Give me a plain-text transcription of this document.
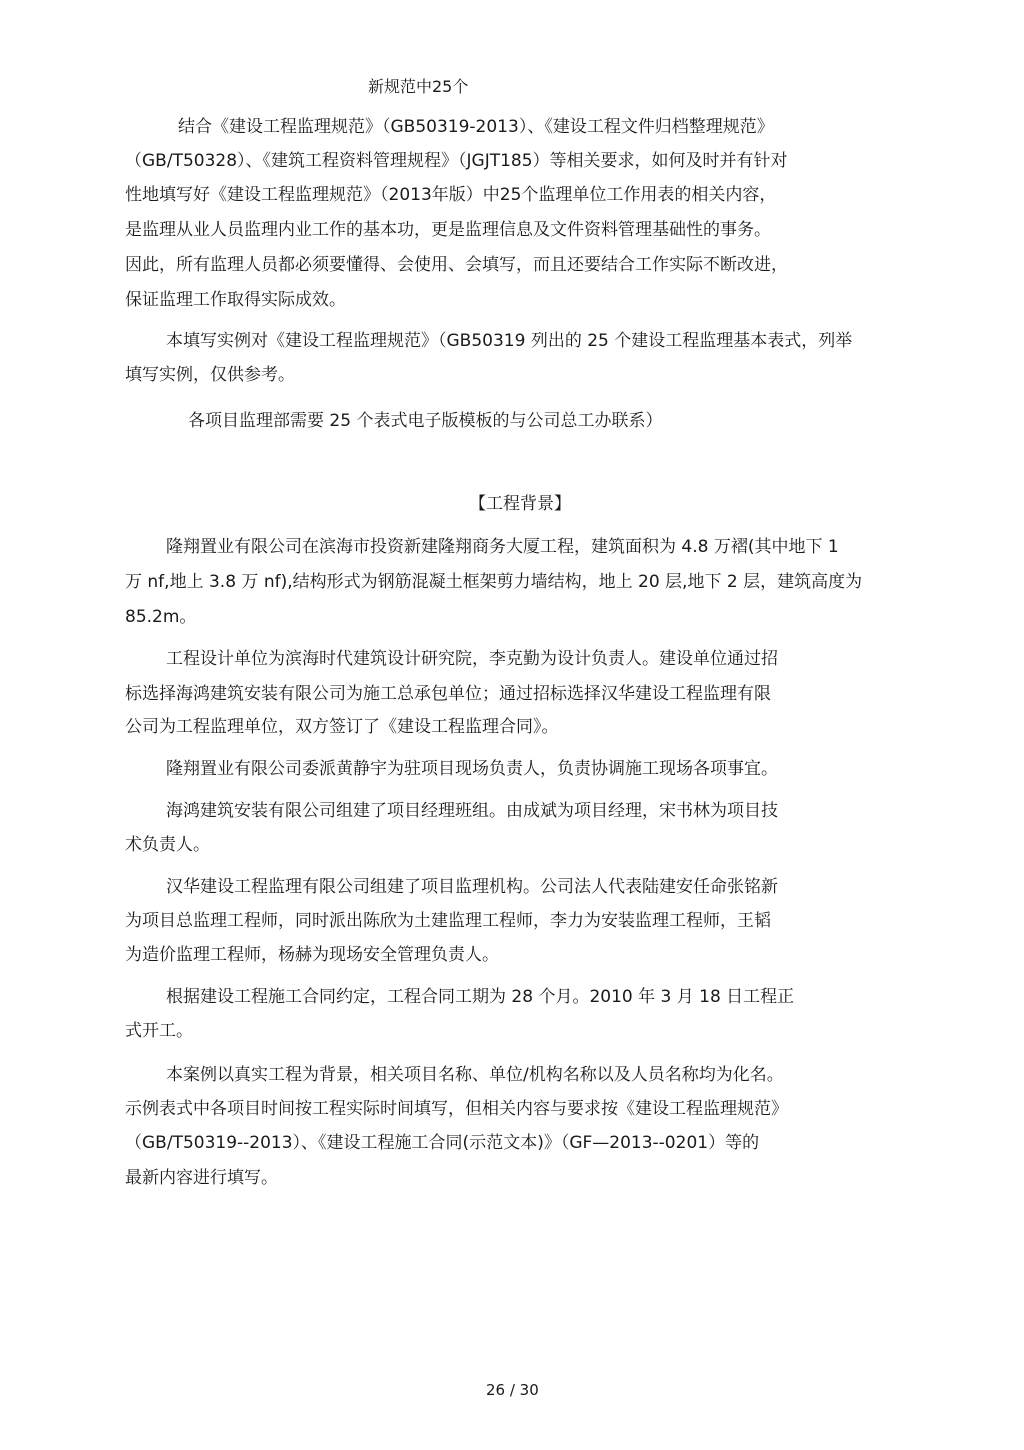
新规范中25个
结合《建设工程监理规范》（GB50319-2013）、《建设工程文件归档整理规范》
（GB/T50328）、《建筑工程资料管理规程》（JGJT185）等相关要求，如何及时并有针对
性地填写好《建设工程监理规范》（2013年版）中25个监理单位工作用表的相关内容，
是监理从业人员监理内业工作的基本功，更是监理信息及文件资料管理基础性的事务。
因此，所有监理人员都必须要懂得、会使用、会填写，而且还要结合工作实际不断改进，
保证监理工作取得实际成效。
本填写实例对《建设工程监理规范》（GB50319 列出的 25 个建设工程监理基本表式，列举
填写实例，仅供参考。
各项目监理部需要 25 个表式电子版模板的与公司总工办联系）
【工程背景】
隆翔置业有限公司在滨海市投资新建隆翔商务大厦工程，建筑面积为 4.8 万褶(其中地下 1
万 nf,地上 3.8 万 nf),结构形式为钢筋混凝土框架剪力墙结构，地上 20 层,地下 2 层，建筑高度为
85.2m。
工程设计单位为滨海时代建筑设计研究院，李克勤为设计负责人。建设单位通过招
标选择海鸿建筑安装有限公司为施工总承包单位；通过招标选择汉华建设工程监理有限
公司为工程监理单位，双方签订了《建设工程监理合同》。
隆翔置业有限公司委派黄静宇为驻项目现场负责人，负责协调施工现场各项事宜。
海鸿建筑安装有限公司组建了项目经理班组。由成斌为项目经理，宋书林为项目技
术负责人。
汉华建设工程监理有限公司组建了项目监理机构。公司法人代表陆建安任命张铭新
为项目总监理工程师，同时派出陈欣为土建监理工程师，李力为安装监理工程师，王韬
为造价监理工程师，杨赫为现场安全管理负责人。
根据建设工程施工合同约定，工程合同工期为 28 个月。2010 年 3 月 18 日工程正
式开工。
本案例以真实工程为背景，相关项目名称、单位/机构名称以及人员名称均为化名。
示例表式中各项目时间按工程实际时间填写，但相关内容与要求按《建设工程监理规范》
（GB/T50319--2013）、《建设工程施工合同(示范文本)》（GF—2013--0201）等的
最新内容进行填写。
26 / 30
